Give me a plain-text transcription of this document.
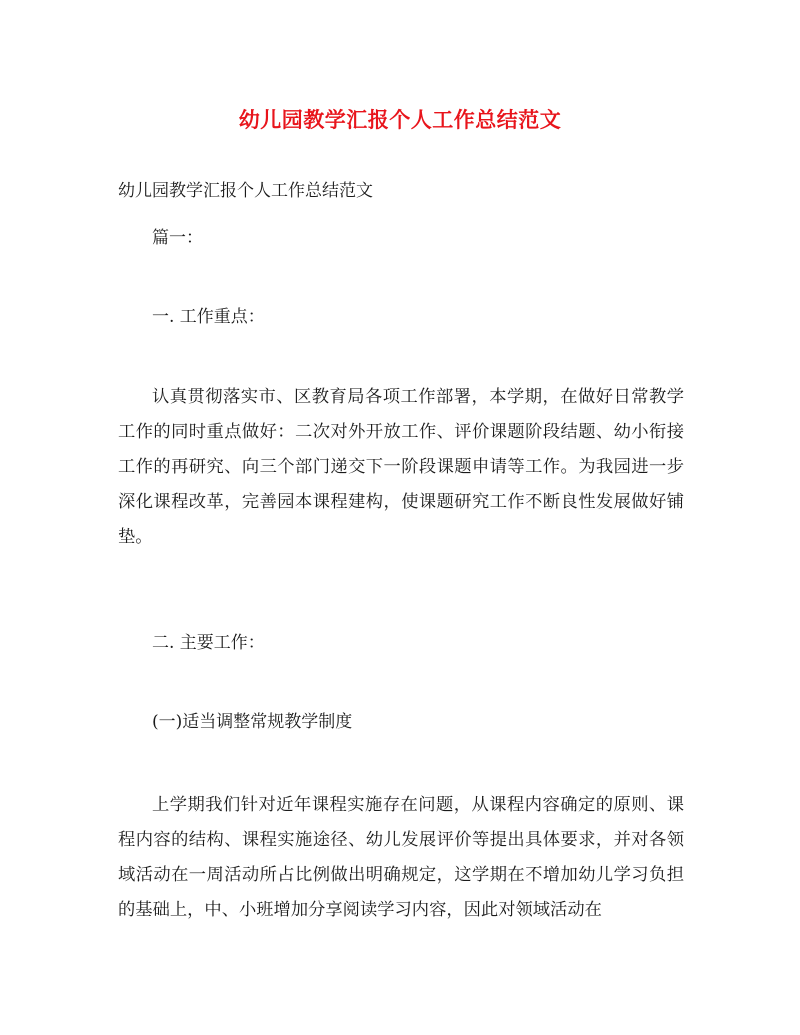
幼儿园教学汇报个人工作总结范文

幼儿园教学汇报个人工作总结范文

篇一：

一. 工作重点：

认真贯彻落实市、区教育局各项工作部署，本学期，在做好日常教学工作的同时重点做好：二次对外开放工作、评价课题阶段结题、幼小衔接工作的再研究、向三个部门递交下一阶段课题申请等工作。为我园进一步深化课程改革，完善园本课程建构，使课题研究工作不断良性发展做好铺垫。

二. 主要工作：

(一)适当调整常规教学制度

上学期我们针对近年课程实施存在问题，从课程内容确定的原则、课程内容的结构、课程实施途径、幼儿发展评价等提出具体要求，并对各领域活动在一周活动所占比例做出明确规定，这学期在不增加幼儿学习负担的基础上，中、小班增加分享阅读学习内容，因此对领域活动在
